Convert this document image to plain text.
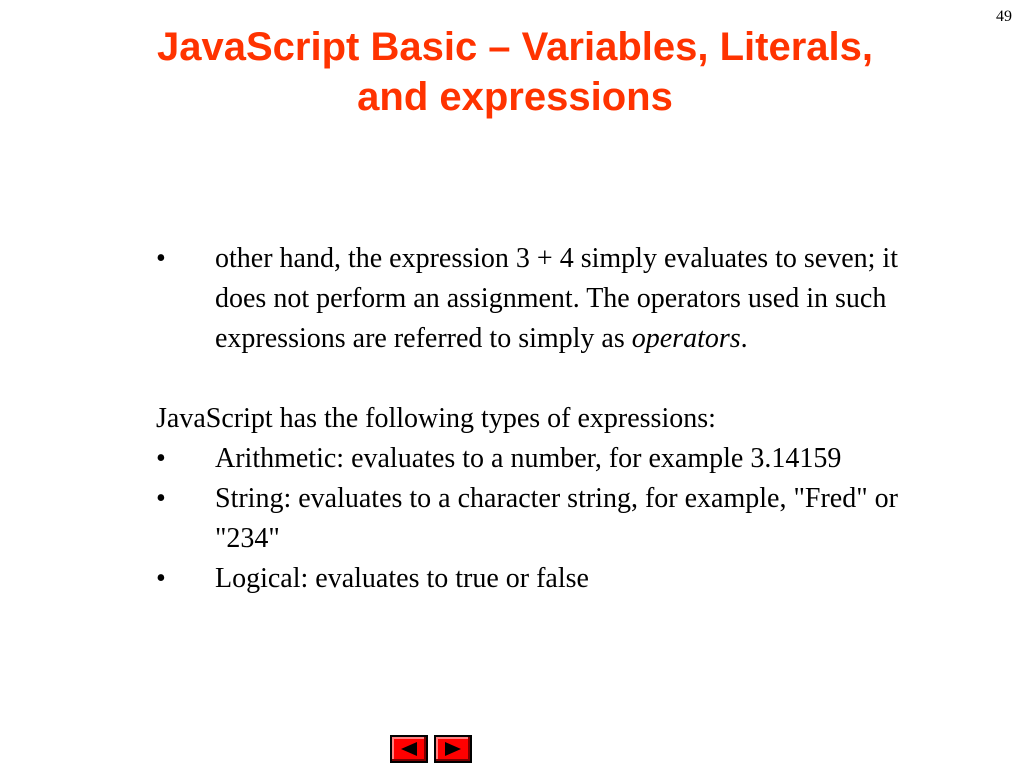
49
JavaScript Basic – Variables, Literals,
and expressions
•	other hand, the expression 3 + 4 simply evaluates to seven; it does not perform an assignment. The operators used in such expressions are referred to simply as operators.
JavaScript has the following types of expressions:
•	Arithmetic: evaluates to a number, for example 3.14159
•	String: evaluates to a character string, for example, "Fred" or "234"
•	Logical: evaluates to true or false
